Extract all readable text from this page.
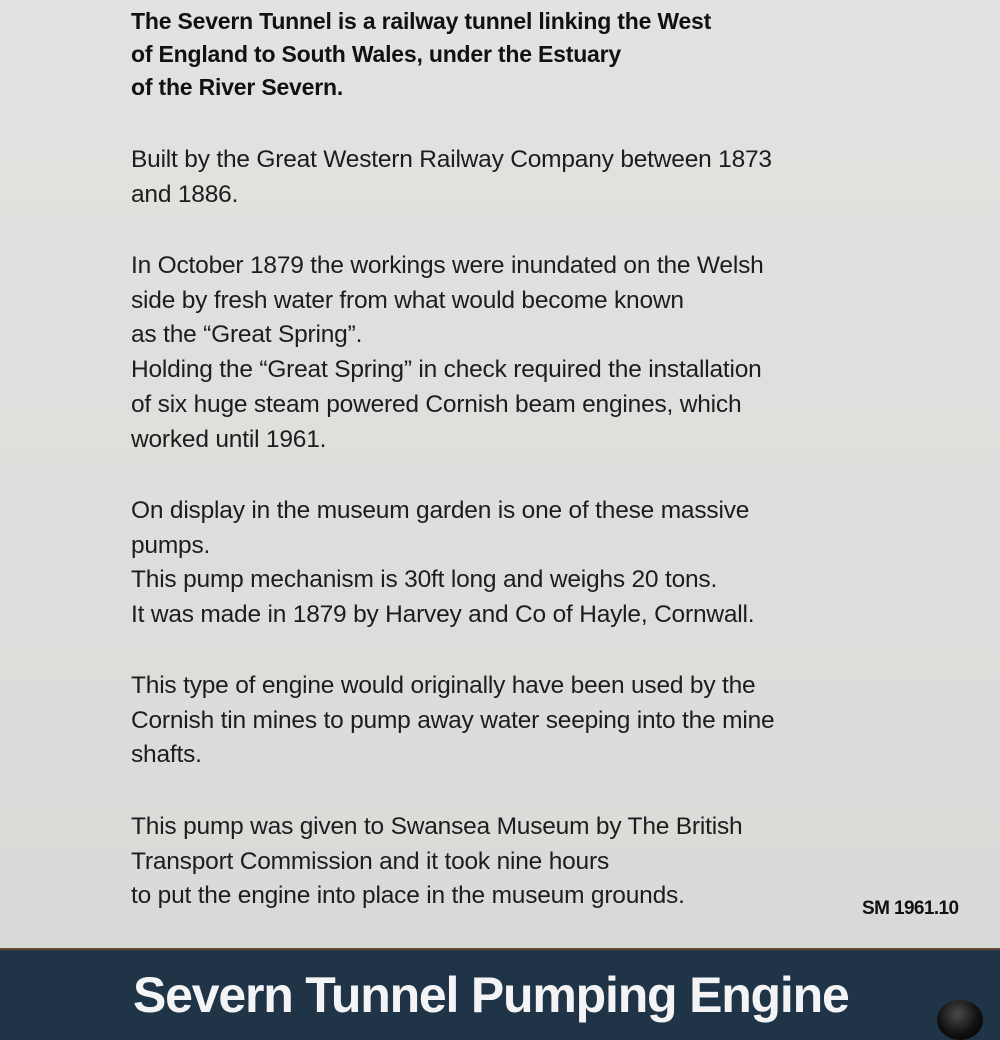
The Severn Tunnel is a railway tunnel linking the West
of England to South Wales, under the Estuary
of the River Severn.
Built by the Great Western Railway Company between 1873
and 1886.
In October 1879 the workings were inundated on the Welsh
side by fresh water from what would become known
as the “Great Spring”.
Holding the “Great Spring” in check required the installation
of six huge steam powered Cornish beam engines, which
worked until 1961.
On display in the museum garden is one of these massive
pumps.
This pump mechanism is 30ft long and weighs 20 tons.
It was made in 1879 by Harvey and Co of Hayle, Cornwall.
This type of engine would originally have been used by the
Cornish tin mines to pump away water seeping into the mine
shafts.
This pump was given to Swansea Museum by The British
Transport Commission and it took nine hours
to put the engine into place in the museum grounds.	SM 1961.10
Severn Tunnel Pumping Engine
